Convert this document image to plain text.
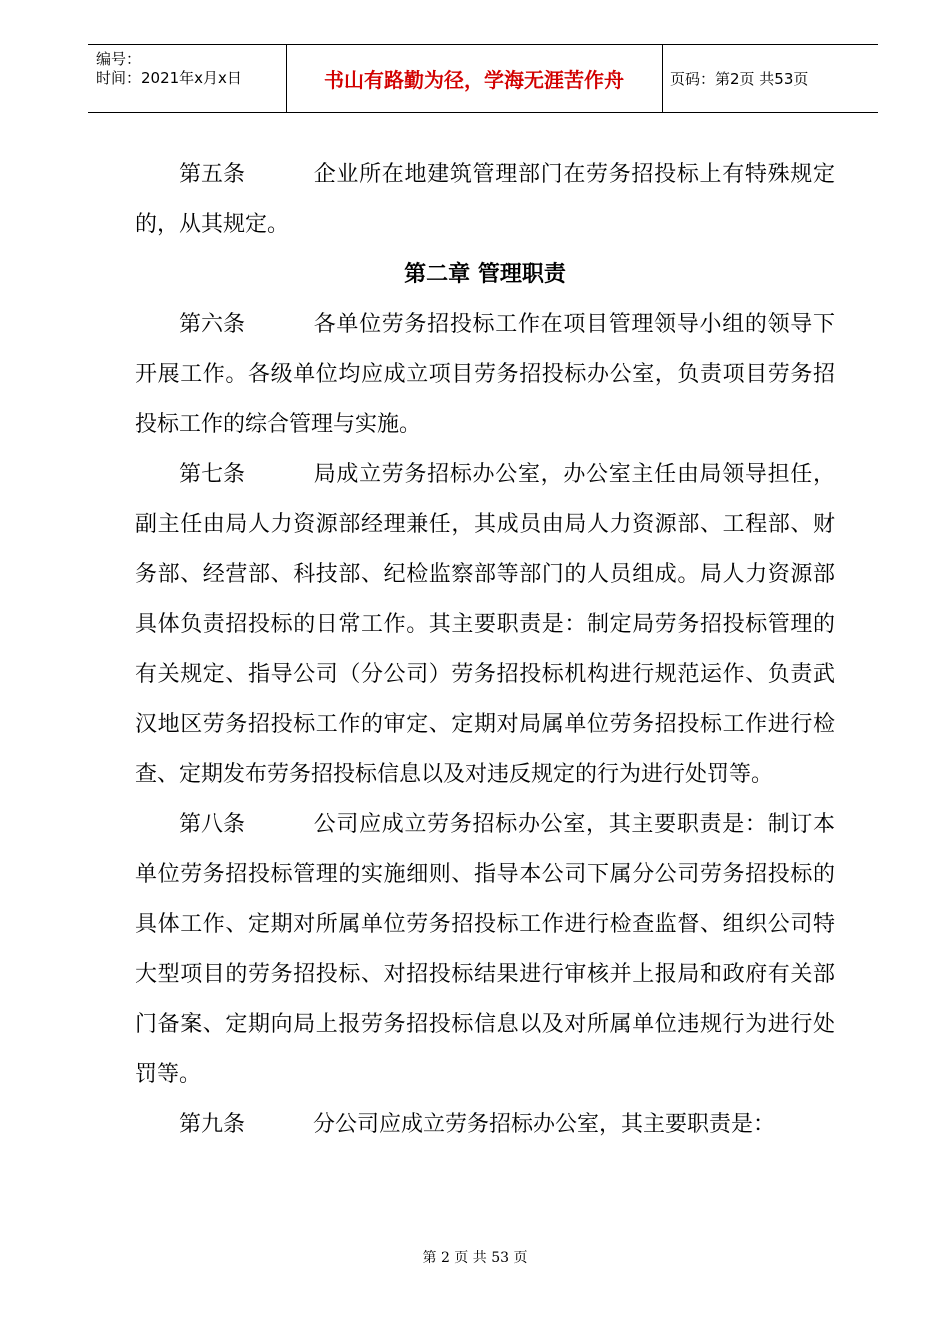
编号：
时间：2021年x月x日	书山有路勤为径，学海无涯苦作舟	页码：第2页 共53页

第五条	企业所在地建筑管理部门在劳务招投标上有特殊规定的，从其规定。

第二章 管理职责

第六条	各单位劳务招投标工作在项目管理领导小组的领导下开展工作。各级单位均应成立项目劳务招投标办公室，负责项目劳务招投标工作的综合管理与实施。

第七条	局成立劳务招标办公室，办公室主任由局领导担任，副主任由局人力资源部经理兼任，其成员由局人力资源部、工程部、财务部、经营部、科技部、纪检监察部等部门的人员组成。局人力资源部具体负责招投标的日常工作。其主要职责是：制定局劳务招投标管理的有关规定、指导公司（分公司）劳务招投标机构进行规范运作、负责武汉地区劳务招投标工作的审定、定期对局属单位劳务招投标工作进行检查、定期发布劳务招投标信息以及对违反规定的行为进行处罚等。

第八条	公司应成立劳务招标办公室，其主要职责是：制订本单位劳务招投标管理的实施细则、指导本公司下属分公司劳务招投标的具体工作、定期对所属单位劳务招投标工作进行检查监督、组织公司特大型项目的劳务招投标、对招投标结果进行审核并上报局和政府有关部门备案、定期向局上报劳务招投标信息以及对所属单位违规行为进行处罚等。

第九条	分公司应成立劳务招标办公室，其主要职责是：

第 2 页 共 53 页
